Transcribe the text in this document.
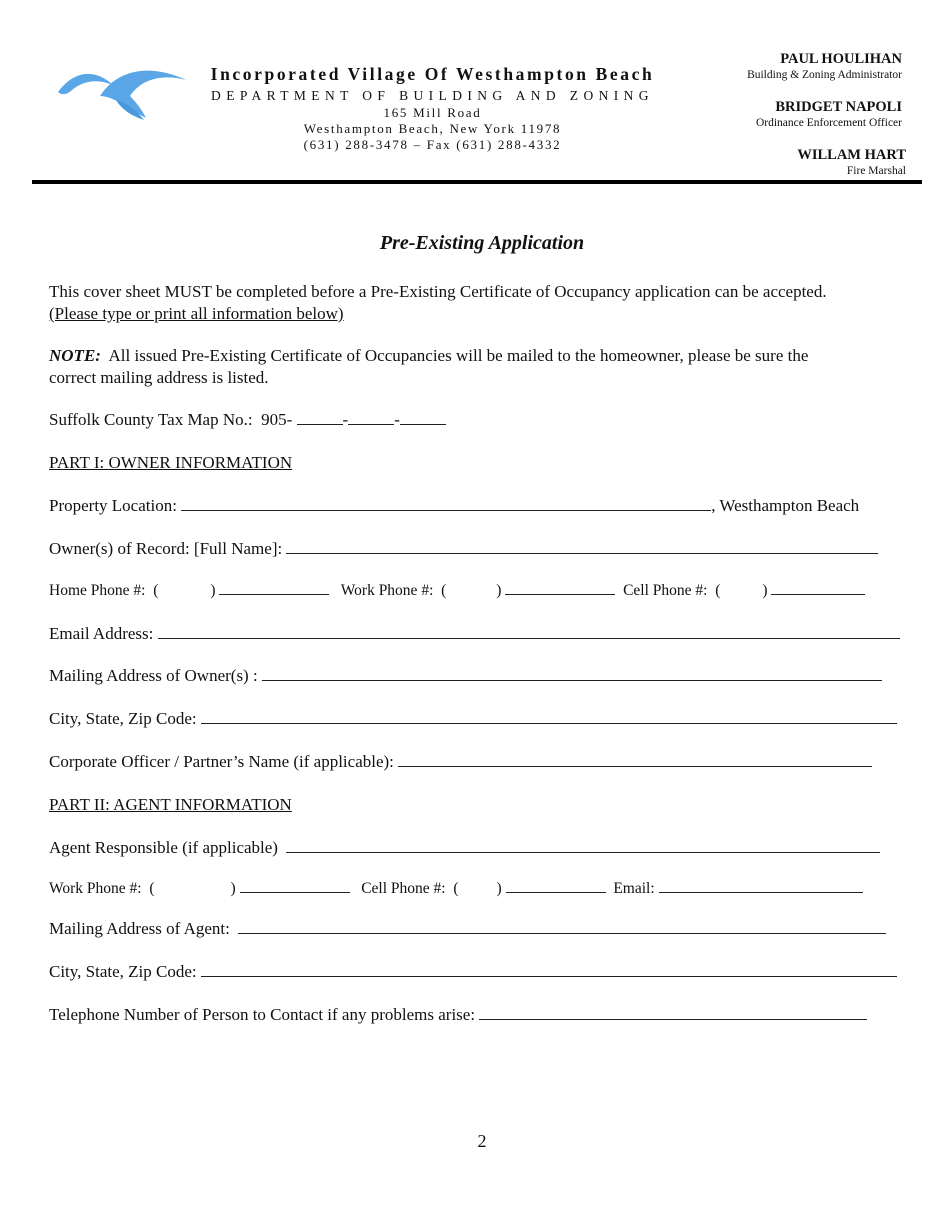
Incorporated Village Of Westhampton Beach
DEPARTMENT OF BUILDING AND ZONING
165 Mill Road
Westhampton Beach, New York 11978
(631) 288-3478 – Fax (631) 288-4332
PAUL HOULIHAN
Building & Zoning Administrator
BRIDGET NAPOLI
Ordinance Enforcement Officer
WILLAM HART
Fire Marshal
Pre-Existing Application
This cover sheet MUST be completed before a Pre-Existing Certificate of Occupancy application can be accepted.
(Please type or print all information below)
NOTE: All issued Pre-Existing Certificate of Occupancies will be mailed to the homeowner, please be sure the
correct mailing address is listed.
Suffolk County Tax Map No.: 905-	-	-
PART I: OWNER INFORMATION
Property Location:	, Westhampton Beach
Owner(s) of Record: [Full Name]:
Home Phone #: (	)	Work Phone #: (	)	Cell Phone #: (	)
Email Address:
Mailing Address of Owner(s) :
City, State, Zip Code:
Corporate Officer / Partner’s Name (if applicable):
PART II: AGENT INFORMATION
Agent Responsible (if applicable)
Work Phone #: (	)	Cell Phone #: ( )	Email:
Mailing Address of Agent:
City, State, Zip Code:
Telephone Number of Person to Contact if any problems arise:
2
